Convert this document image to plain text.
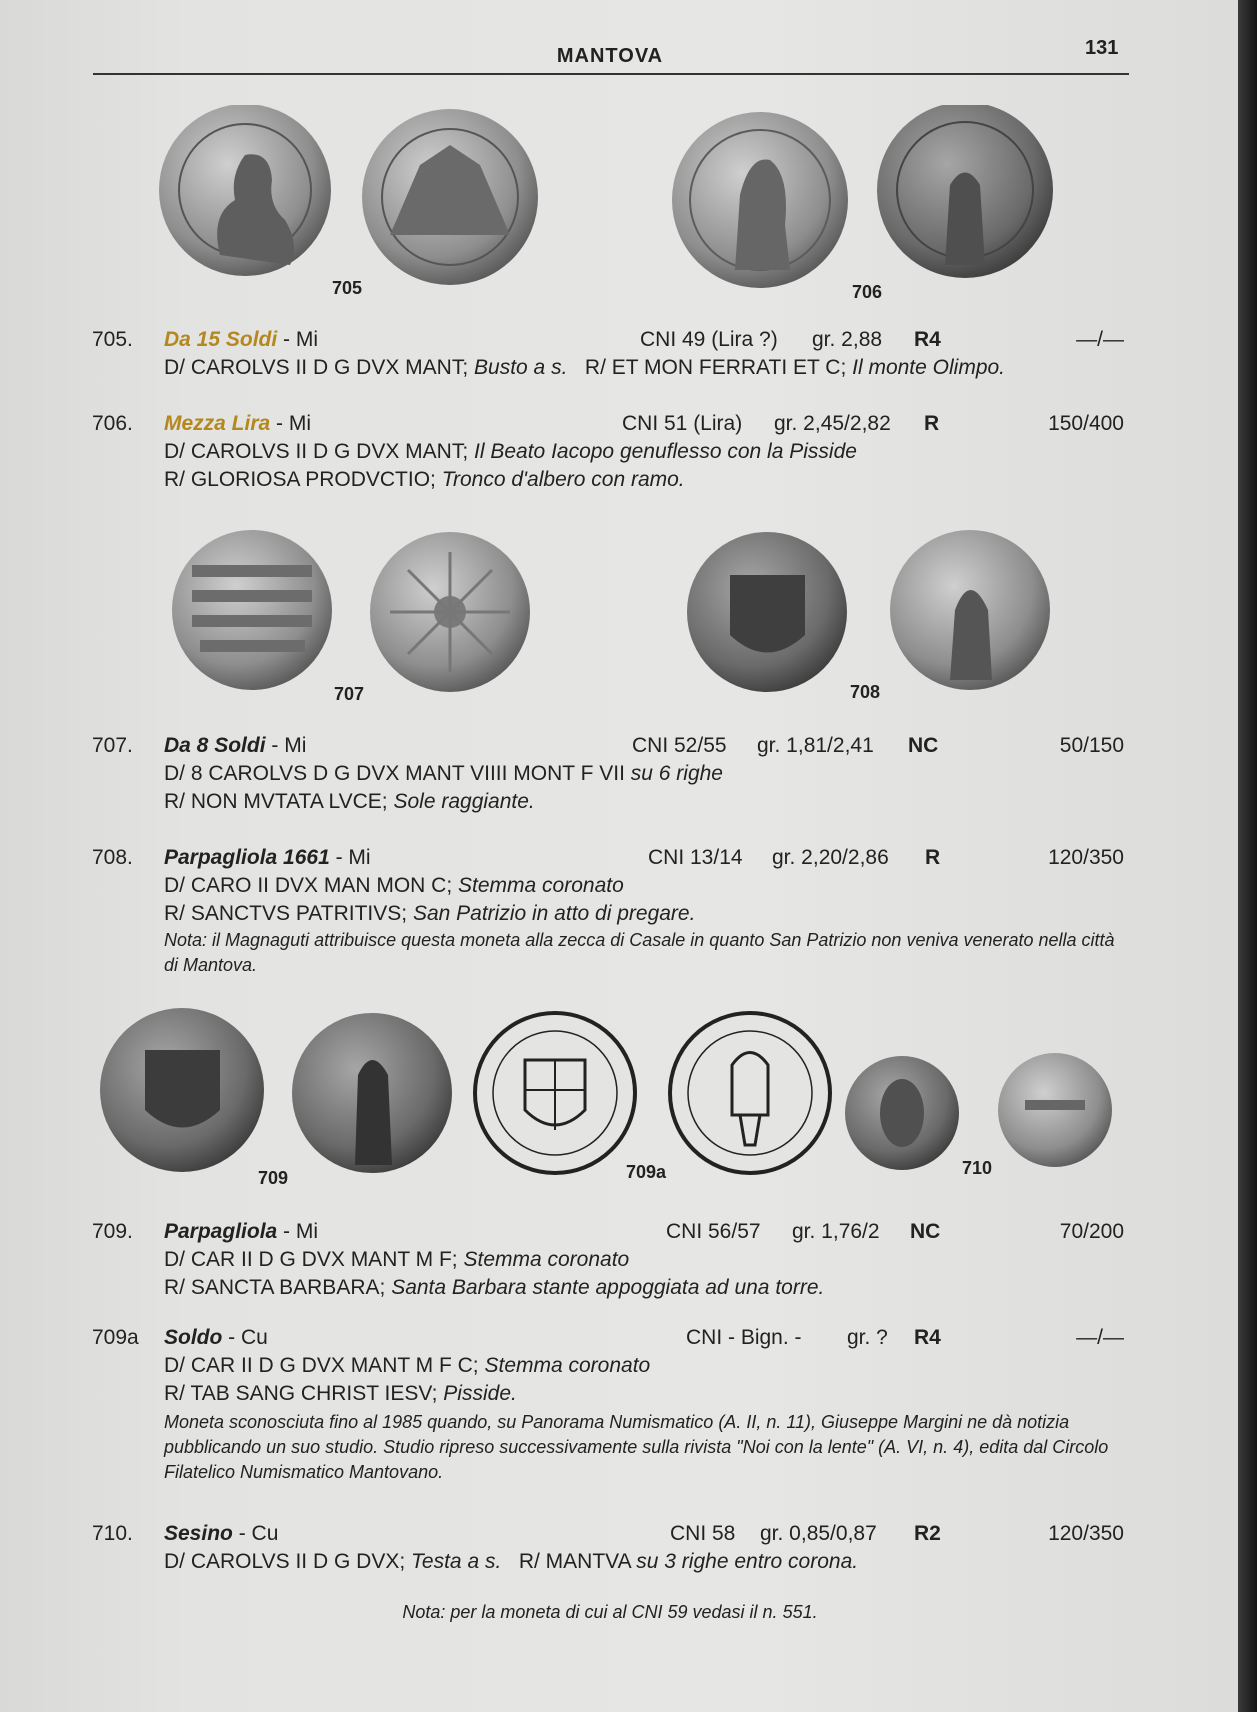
MANTOVA	131
705	706
705. Da 15 Soldi - Mi	CNI 49 (Lira ?) gr. 2,88 R4	—/—
D/ CAROLVS II D G DVX MANT; Busto a s. R/ ET MON FERRATI ET C; Il monte Olimpo.
706. Mezza Lira - Mi	CNI 51 (Lira) gr. 2,45/2,82 R	150/400
D/ CAROLVS II D G DVX MANT; Il Beato Iacopo genuflesso con la Pisside
R/ GLORIOSA PRODVCTIO; Tronco d'albero con ramo.
707	708
707. Da 8 Soldi - Mi	CNI 52/55 gr. 1,81/2,41 NC	50/150
D/ 8 CAROLVS D G DVX MANT VIIII MONT F VII su 6 righe
R/ NON MVTATA LVCE; Sole raggiante.
708. Parpagliola 1661 - Mi	CNI 13/14 gr. 2,20/2,86 R	120/350
D/ CARO II DVX MAN MON C; Stemma coronato
R/ SANCTVS PATRITIVS; San Patrizio in atto di pregare.
Nota: il Magnaguti attribuisce questa moneta alla zecca di Casale in quanto San Patrizio non veniva venerato nella città di Mantova.
709	709a	710
709. Parpagliola - Mi	CNI 56/57 gr. 1,76/2 NC	70/200
D/ CAR II D G DVX MANT M F; Stemma coronato
R/ SANCTA BARBARA; Santa Barbara stante appoggiata ad una torre.
709a Soldo - Cu	CNI - Bign. - gr. ? R4	—/—
D/ CAR II D G DVX MANT M F C; Stemma coronato
R/ TAB SANG CHRIST IESV; Pisside.
Moneta sconosciuta fino al 1985 quando, su Panorama Numismatico (A. II, n. 11), Giuseppe Margini ne dà notizia pubblicando un suo studio. Studio ripreso successivamente sulla rivista "Noi con la lente" (A. VI, n. 4), edita dal Circolo Filatelico Numismatico Mantovano.
710. Sesino - Cu	CNI 58 gr. 0,85/0,87 R2	120/350
D/ CAROLVS II D G DVX; Testa a s. R/ MANTVA su 3 righe entro corona.
Nota: per la moneta di cui al CNI 59 vedasi il n. 551.
